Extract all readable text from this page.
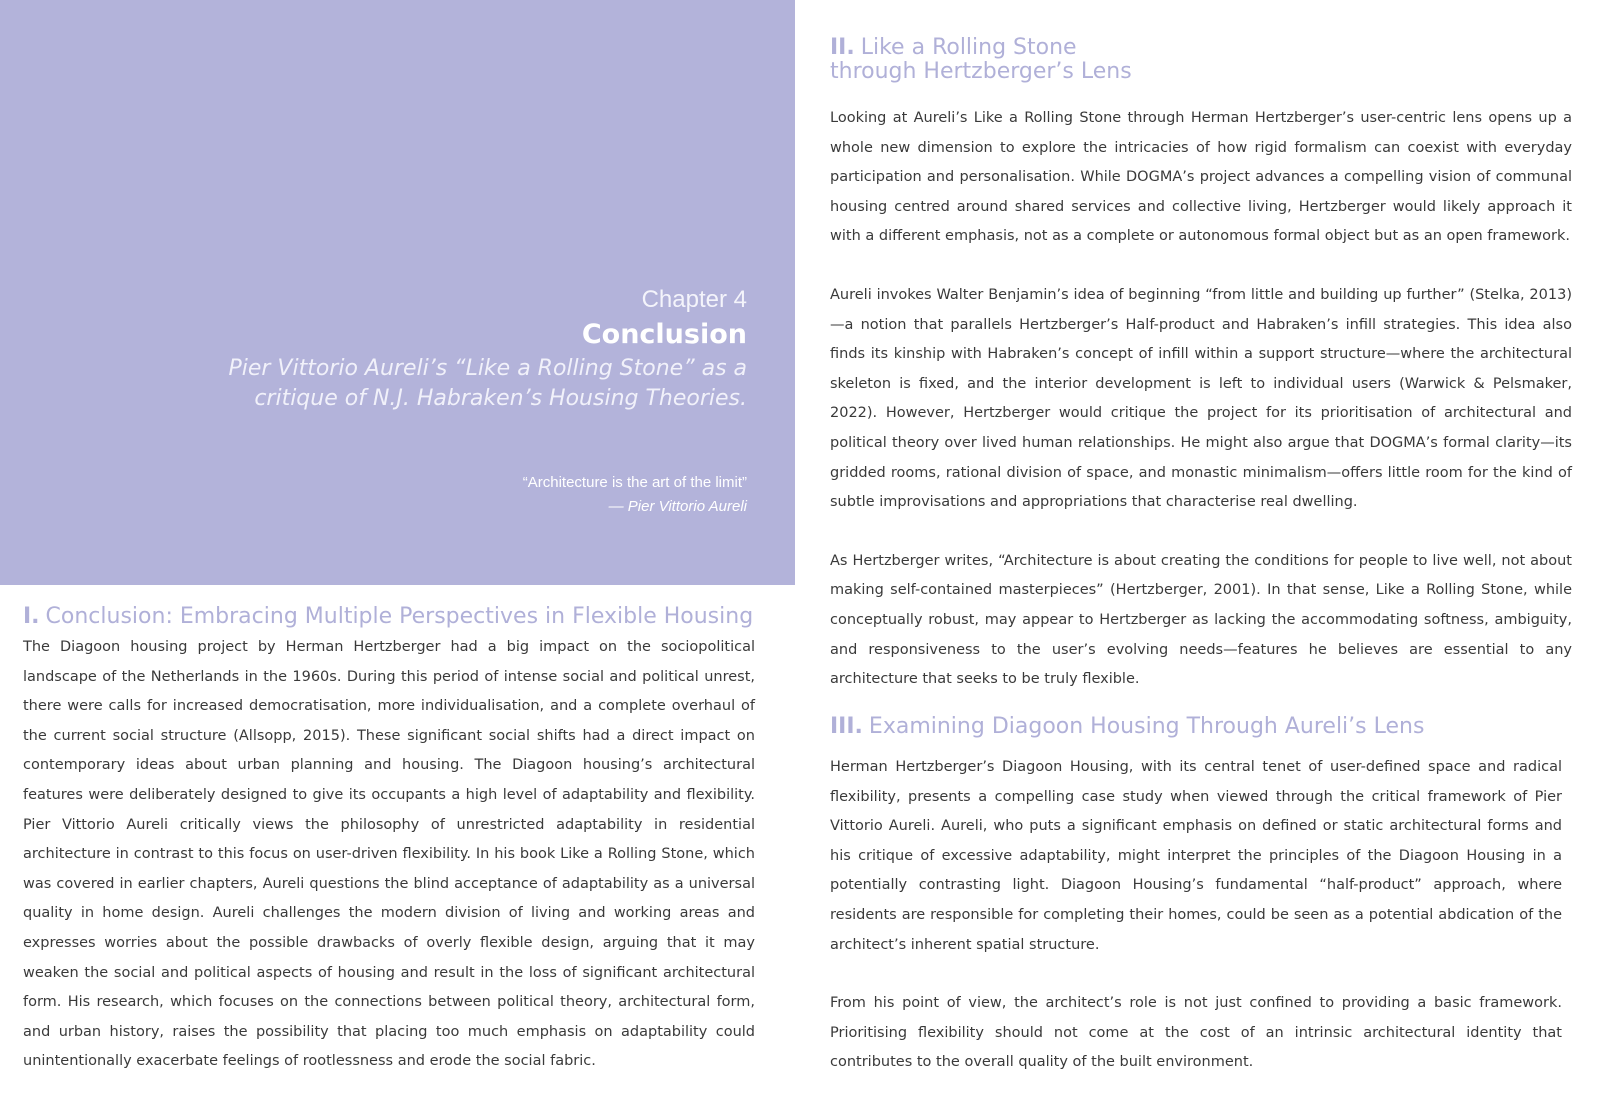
Chapter 4

Conclusion

Pier Vittorio Aureli’s “Like a Rolling Stone” as a

critique of N.J. Habraken’s Housing Theories.

“Architecture is the art of the limit”

— Pier Vittorio Aureli

I. Conclusion: Embracing Multiple Perspectives in Flexible Housing

The Diagoon housing project by Herman Hertzberger had a big impact on the sociopolitical landscape of the Netherlands in the 1960s. During this period of intense social and political unrest, there were calls for increased democratisation, more individualisation, and a complete overhaul of the current social structure (Allsopp, 2015). These significant social shifts had a direct impact on contemporary ideas about urban planning and housing. The Diagoon housing’s architectural features were deliberately designed to give its occupants a high level of adaptability and flexibility. Pier Vittorio Aureli critically views the philosophy of unrestricted adaptability in residential architecture in contrast to this focus on user-driven flexibility. In his book Like a Rolling Stone, which was covered in earlier chapters, Aureli questions the blind acceptance of adaptability as a universal quality in home design. Aureli challenges the modern division of living and working areas and expresses worries about the possible drawbacks of overly flexible design, arguing that it may weaken the social and political aspects of housing and result in the loss of significant architectural form. His research, which focuses on the connections between political theory, architectural form, and urban history, raises the possibility that placing too much emphasis on adaptability could unintentionally exacerbate feelings of rootlessness and erode the social fabric.

II. Like a Rolling Stone
through Hertzberger’s Lens

Looking at Aureli’s Like a Rolling Stone through Herman Hertzberger’s user-centric lens opens up a whole new dimension to explore the intricacies of how rigid formalism can coexist with everyday participation and personalisation. While DOGMA’s project advances a compelling vision of communal housing centred around shared services and collective living, Hertzberger would likely approach it with a different emphasis, not as a complete or autonomous formal object but as an open framework.

Aureli invokes Walter Benjamin’s idea of beginning “from little and building up further” (Stelka, 2013)—a notion that parallels Hertzberger’s Half-product and Habraken’s infill strategies. This idea also finds its kinship with Habraken’s concept of infill within a support structure—where the architectural skeleton is fixed, and the interior development is left to individual users (Warwick & Pelsmaker, 2022). However, Hertzberger would critique the project for its prioritisation of architectural and political theory over lived human relationships. He might also argue that DOGMA’s formal clarity—its gridded rooms, rational division of space, and monastic minimalism—offers little room for the kind of subtle improvisations and appropriations that characterise real dwelling.

As Hertzberger writes, “Architecture is about creating the conditions for people to live well, not about making self-contained masterpieces” (Hertzberger, 2001). In that sense, Like a Rolling Stone, while conceptually robust, may appear to Hertzberger as lacking the accommodating softness, ambiguity, and responsiveness to the user’s evolving needs—features he believes are essential to any architecture that seeks to be truly flexible.

III. Examining Diagoon Housing Through Aureli’s Lens

Herman Hertzberger’s Diagoon Housing, with its central tenet of user-defined space and radical flexibility, presents a compelling case study when viewed through the critical framework of Pier Vittorio Aureli. Aureli, who puts a significant emphasis on defined or static architectural forms and his critique of excessive adaptability, might interpret the principles of the Diagoon Housing in a potentially contrasting light. Diagoon Housing’s fundamental “half-product” approach, where residents are responsible for completing their homes, could be seen as a potential abdication of the architect’s inherent spatial structure.

From his point of view, the architect’s role is not just confined to providing a basic framework. Prioritising flexibility should not come at the cost of an intrinsic architectural identity that contributes to the overall quality of the built environment.
